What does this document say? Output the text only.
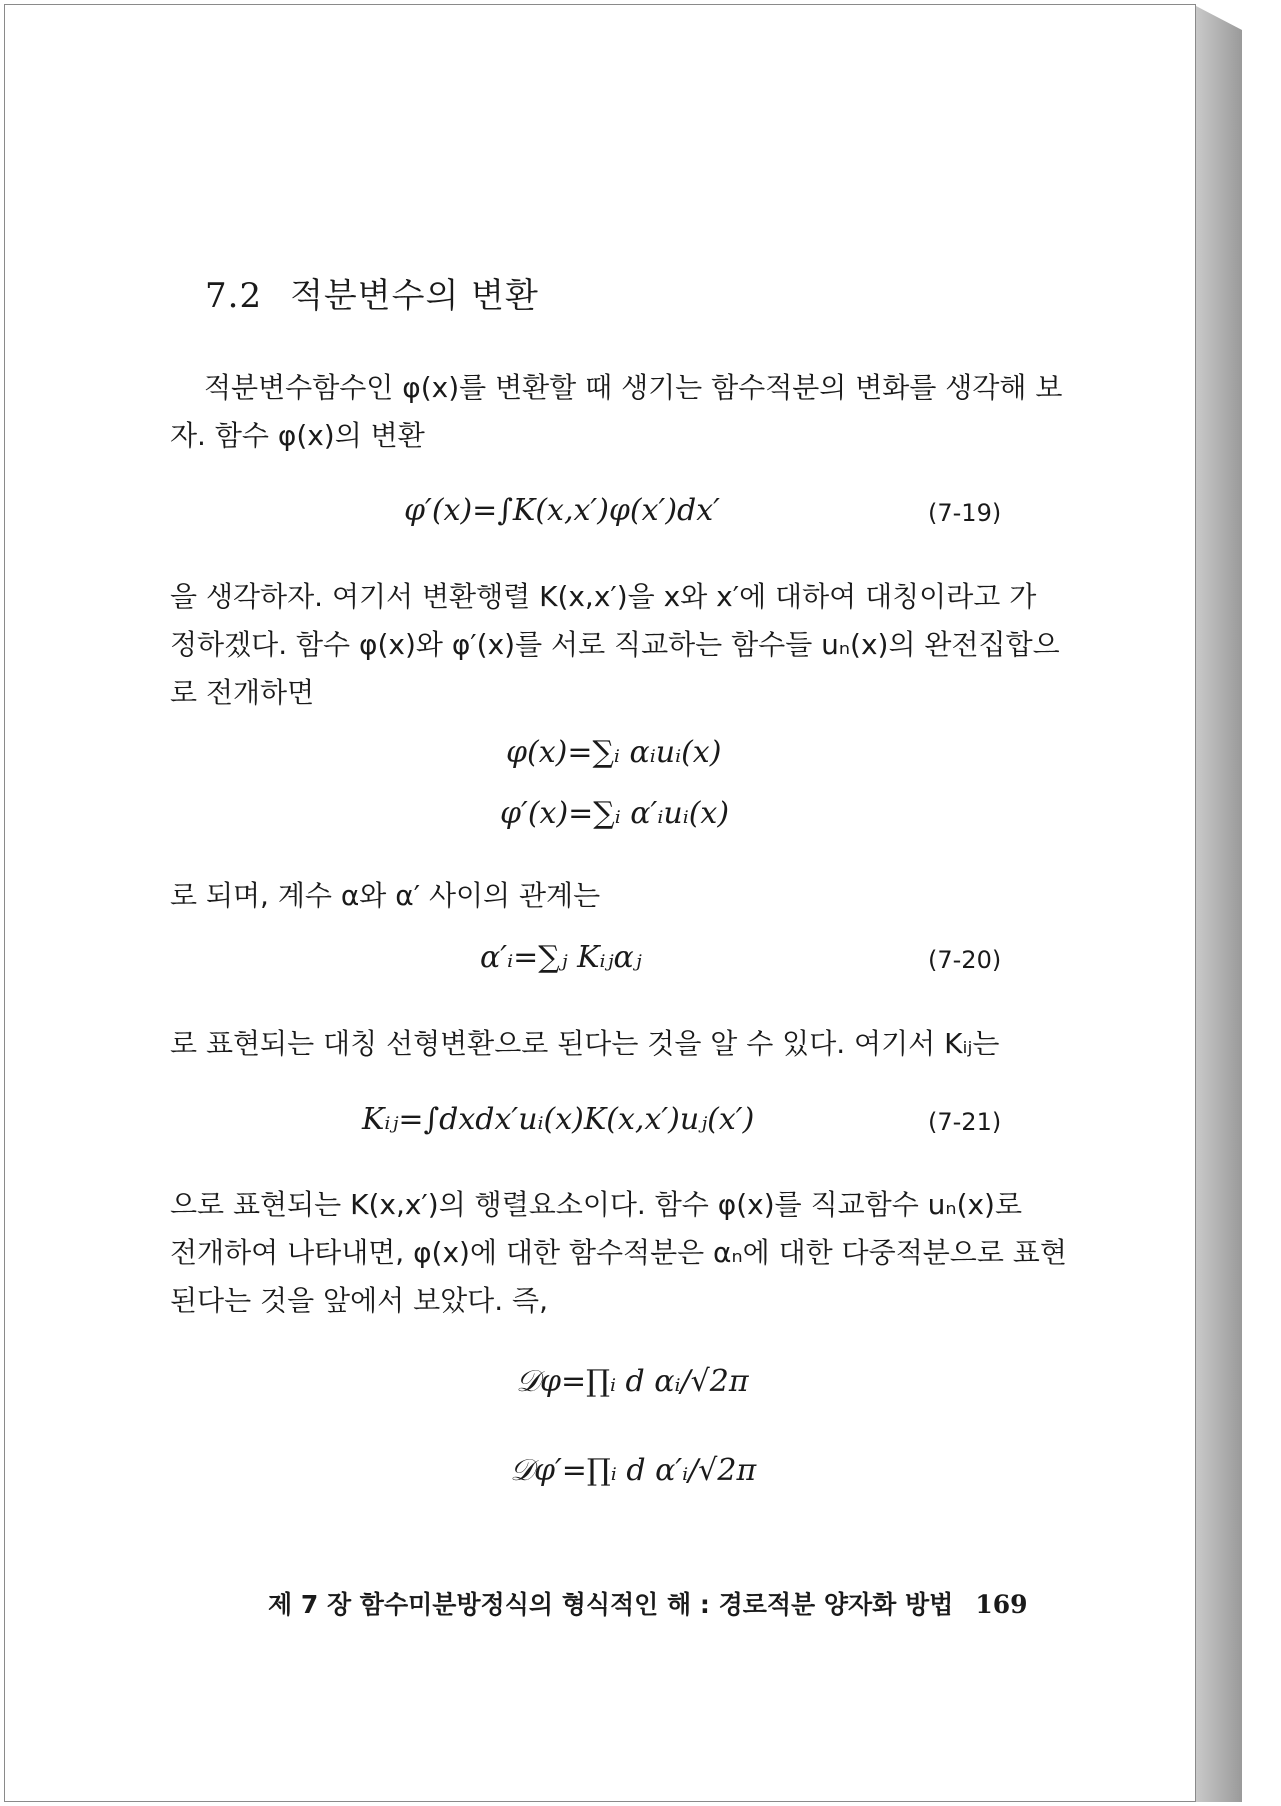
7.2 적분변수의 변환
적분변수함수인 φ(x)를 변환할 때 생기는 함수적분의 변화를 생각해 보
자. 함수 φ(x)의 변환
φ′(x)=∫K(x,x′)φ(x′)dx′	(7-19)
을 생각하자. 여기서 변환행렬 K(x,x′)을 x와 x′에 대하여 대칭이라고 가
정하겠다. 함수 φ(x)와 φ′(x)를 서로 직교하는 함수들 uₙ(x)의 완전집합으
로 전개하면
φ(x)=∑ᵢ αᵢuᵢ(x)
φ′(x)=∑ᵢ α′ᵢuᵢ(x)
로 되며, 계수 α와 α′ 사이의 관계는
α′ᵢ=∑ⱼ Kᵢⱼαⱼ	(7-20)
로 표현되는 대칭 선형변환으로 된다는 것을 알 수 있다. 여기서 Kᵢⱼ는
Kᵢⱼ=∫dxdx′uᵢ(x)K(x,x′)uⱼ(x′)	(7-21)
으로 표현되는 K(x,x′)의 행렬요소이다. 함수 φ(x)를 직교함수 uₙ(x)로
전개하여 나타내면, φ(x)에 대한 함수적분은 αₙ에 대한 다중적분으로 표현
된다는 것을 앞에서 보았다. 즉,
𝒟φ=∏ᵢ d αᵢ/√2π
𝒟φ′=∏ᵢ d α′ᵢ/√2π
제 7 장 함수미분방정식의 형식적인 해 : 경로적분 양자화 방법 169
